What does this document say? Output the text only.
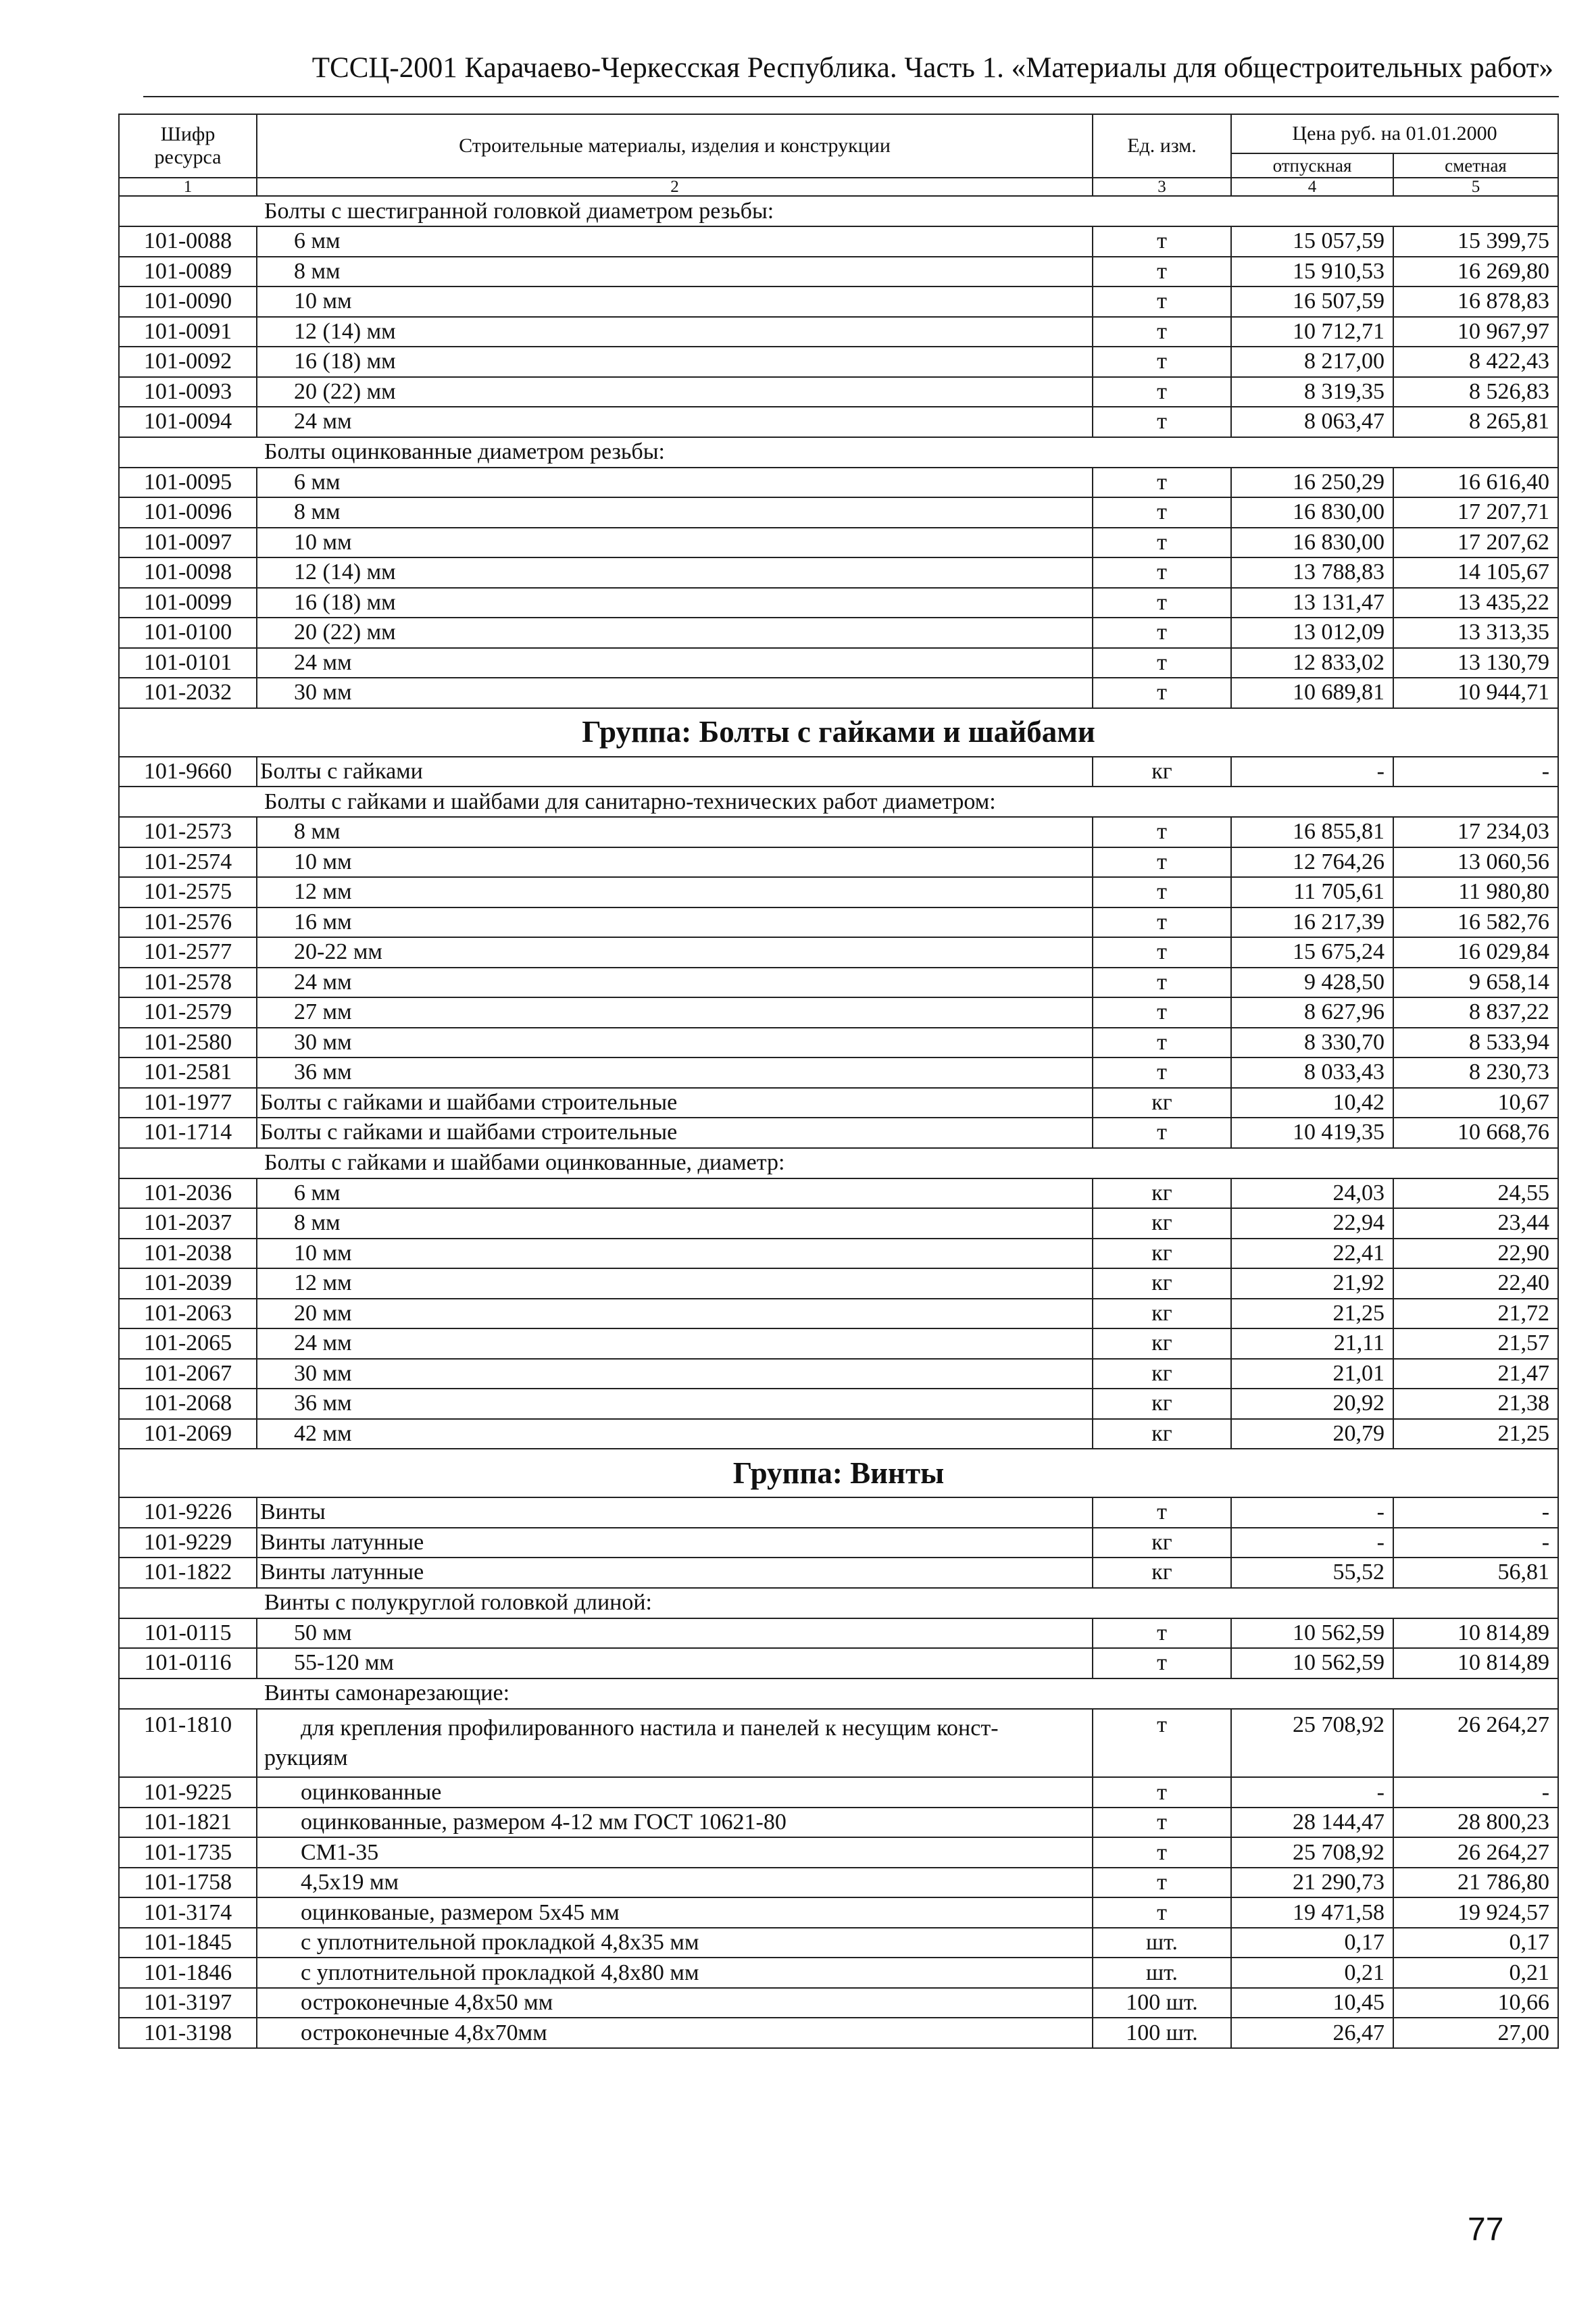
ТССЦ-2001 Карачаево-Черкесская Республика. Часть 1. «Материалы для общестроительных работ»
Шифр ресурса	Строительные материалы, изделия и конструкции	Ед. изм.	Цена руб. на 01.01.2000	
			отпускная	сметная
1	2	3	4	5
Болты с шестигранной головкой диаметром резьбы:				
101-0088	6 мм	т	15 057,59	15 399,75
101-0089	8 мм	т	15 910,53	16 269,80
101-0090	10 мм	т	16 507,59	16 878,83
101-0091	12 (14) мм	т	10 712,71	10 967,97
101-0092	16 (18) мм	т	8 217,00	8 422,43
101-0093	20 (22) мм	т	8 319,35	8 526,83
101-0094	24 мм	т	8 063,47	8 265,81
Болты оцинкованные диаметром резьбы:				
101-0095	6 мм	т	16 250,29	16 616,40
101-0096	8 мм	т	16 830,00	17 207,71
101-0097	10 мм	т	16 830,00	17 207,62
101-0098	12 (14) мм	т	13 788,83	14 105,67
101-0099	16 (18) мм	т	13 131,47	13 435,22
101-0100	20 (22) мм	т	13 012,09	13 313,35
101-0101	24 мм	т	12 833,02	13 130,79
101-2032	30 мм	т	10 689,81	10 944,71
Группа: Болты с гайками и шайбами				
101-9660	Болты с гайками	кг	-	-
Болты с гайками и шайбами для санитарно-технических работ диаметром:				
101-2573	8 мм	т	16 855,81	17 234,03
101-2574	10 мм	т	12 764,26	13 060,56
101-2575	12 мм	т	11 705,61	11 980,80
101-2576	16 мм	т	16 217,39	16 582,76
101-2577	20-22 мм	т	15 675,24	16 029,84
101-2578	24 мм	т	9 428,50	9 658,14
101-2579	27 мм	т	8 627,96	8 837,22
101-2580	30 мм	т	8 330,70	8 533,94
101-2581	36 мм	т	8 033,43	8 230,73
101-1977	Болты с гайками и шайбами строительные	кг	10,42	10,67
101-1714	Болты с гайками и шайбами строительные	т	10 419,35	10 668,76
Болты с гайками и шайбами оцинкованные, диаметр:				
101-2036	6 мм	кг	24,03	24,55
101-2037	8 мм	кг	22,94	23,44
101-2038	10 мм	кг	22,41	22,90
101-2039	12 мм	кг	21,92	22,40
101-2063	20 мм	кг	21,25	21,72
101-2065	24 мм	кг	21,11	21,57
101-2067	30 мм	кг	21,01	21,47
101-2068	36 мм	кг	20,92	21,38
101-2069	42 мм	кг	20,79	21,25
Группа: Винты				
101-9226	Винты	т	-	-
101-9229	Винты латунные	кг	-	-
101-1822	Винты латунные	кг	55,52	56,81
Винты с полукруглой головкой длиной:				
101-0115	50 мм	т	10 562,59	10 814,89
101-0116	55-120 мм	т	10 562,59	10 814,89
Винты самонарезающие:				
101-1810	для крепления профилированного настила и панелей к несущим конст-
рукциям	т	25 708,92	26 264,27
101-9225	оцинкованные	т	-	-
101-1821	оцинкованные, размером 4-12 мм ГОСТ 10621-80	т	28 144,47	28 800,23
101-1735	СМ1-35	т	25 708,92	26 264,27
101-1758	4,5х19 мм	т	21 290,73	21 786,80
101-3174	оцинкованые, размером 5х45 мм	т	19 471,58	19 924,57
101-1845	с уплотнительной прокладкой 4,8х35 мм	шт.	0,17	0,17
101-1846	с уплотнительной прокладкой 4,8х80 мм	шт.	0,21	0,21
101-3197	остроконечные 4,8х50 мм	100 шт.	10,45	10,66
101-3198	остроконечные 4,8х70мм	100 шт.	26,47	27,00
77
